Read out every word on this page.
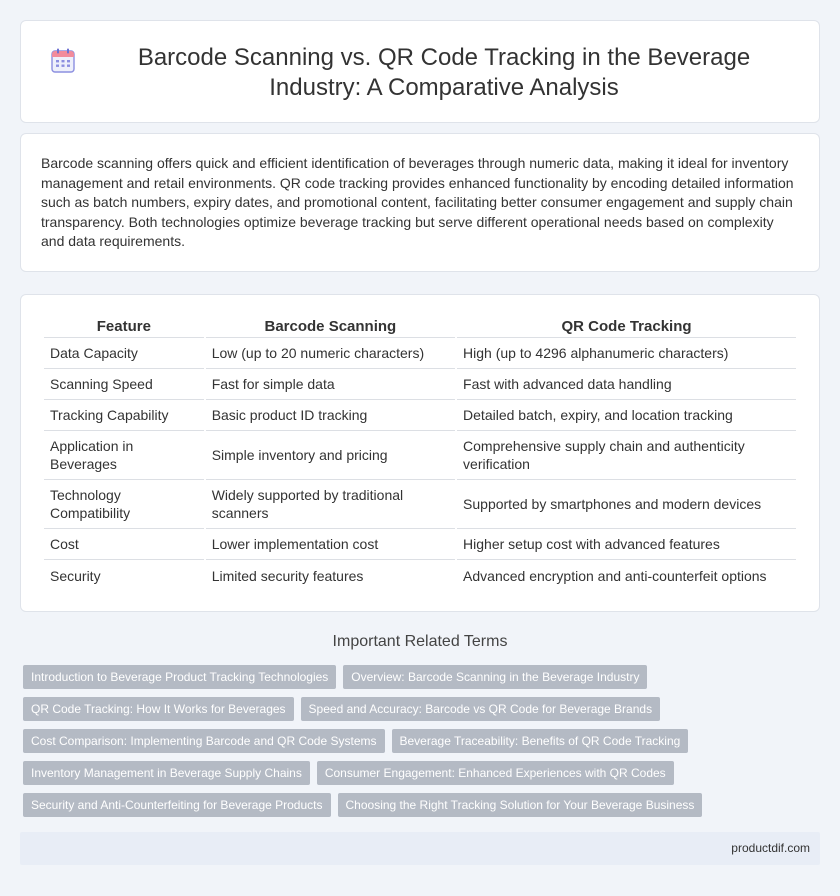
Barcode Scanning vs. QR Code Tracking in the Beverage Industry: A Comparative Analysis

Barcode scanning offers quick and efficient identification of beverages through numeric data, making it ideal for inventory management and retail environments. QR code tracking provides enhanced functionality by encoding detailed information such as batch numbers, expiry dates, and promotional content, facilitating better consumer engagement and supply chain transparency. Both technologies optimize beverage tracking but serve different operational needs based on complexity and data requirements.

Feature	Barcode Scanning	QR Code Tracking
Data Capacity	Low (up to 20 numeric characters)	High (up to 4296 alphanumeric characters)
Scanning Speed	Fast for simple data	Fast with advanced data handling
Tracking Capability	Basic product ID tracking	Detailed batch, expiry, and location tracking
Application in Beverages	Simple inventory and pricing	Comprehensive supply chain and authenticity verification
Technology Compatibility	Widely supported by traditional scanners	Supported by smartphones and modern devices
Cost	Lower implementation cost	Higher setup cost with advanced features
Security	Limited security features	Advanced encryption and anti-counterfeit options
Important Related Terms
Introduction to Beverage Product Tracking Technologies	Overview: Barcode Scanning in the Beverage Industry
QR Code Tracking: How It Works for Beverages	Speed and Accuracy: Barcode vs QR Code for Beverage Brands
Cost Comparison: Implementing Barcode and QR Code Systems	Beverage Traceability: Benefits of QR Code Tracking
Inventory Management in Beverage Supply Chains	Consumer Engagement: Enhanced Experiences with QR Codes
Security and Anti-Counterfeiting for Beverage Products	Choosing the Right Tracking Solution for Your Beverage Business
productdif.com
